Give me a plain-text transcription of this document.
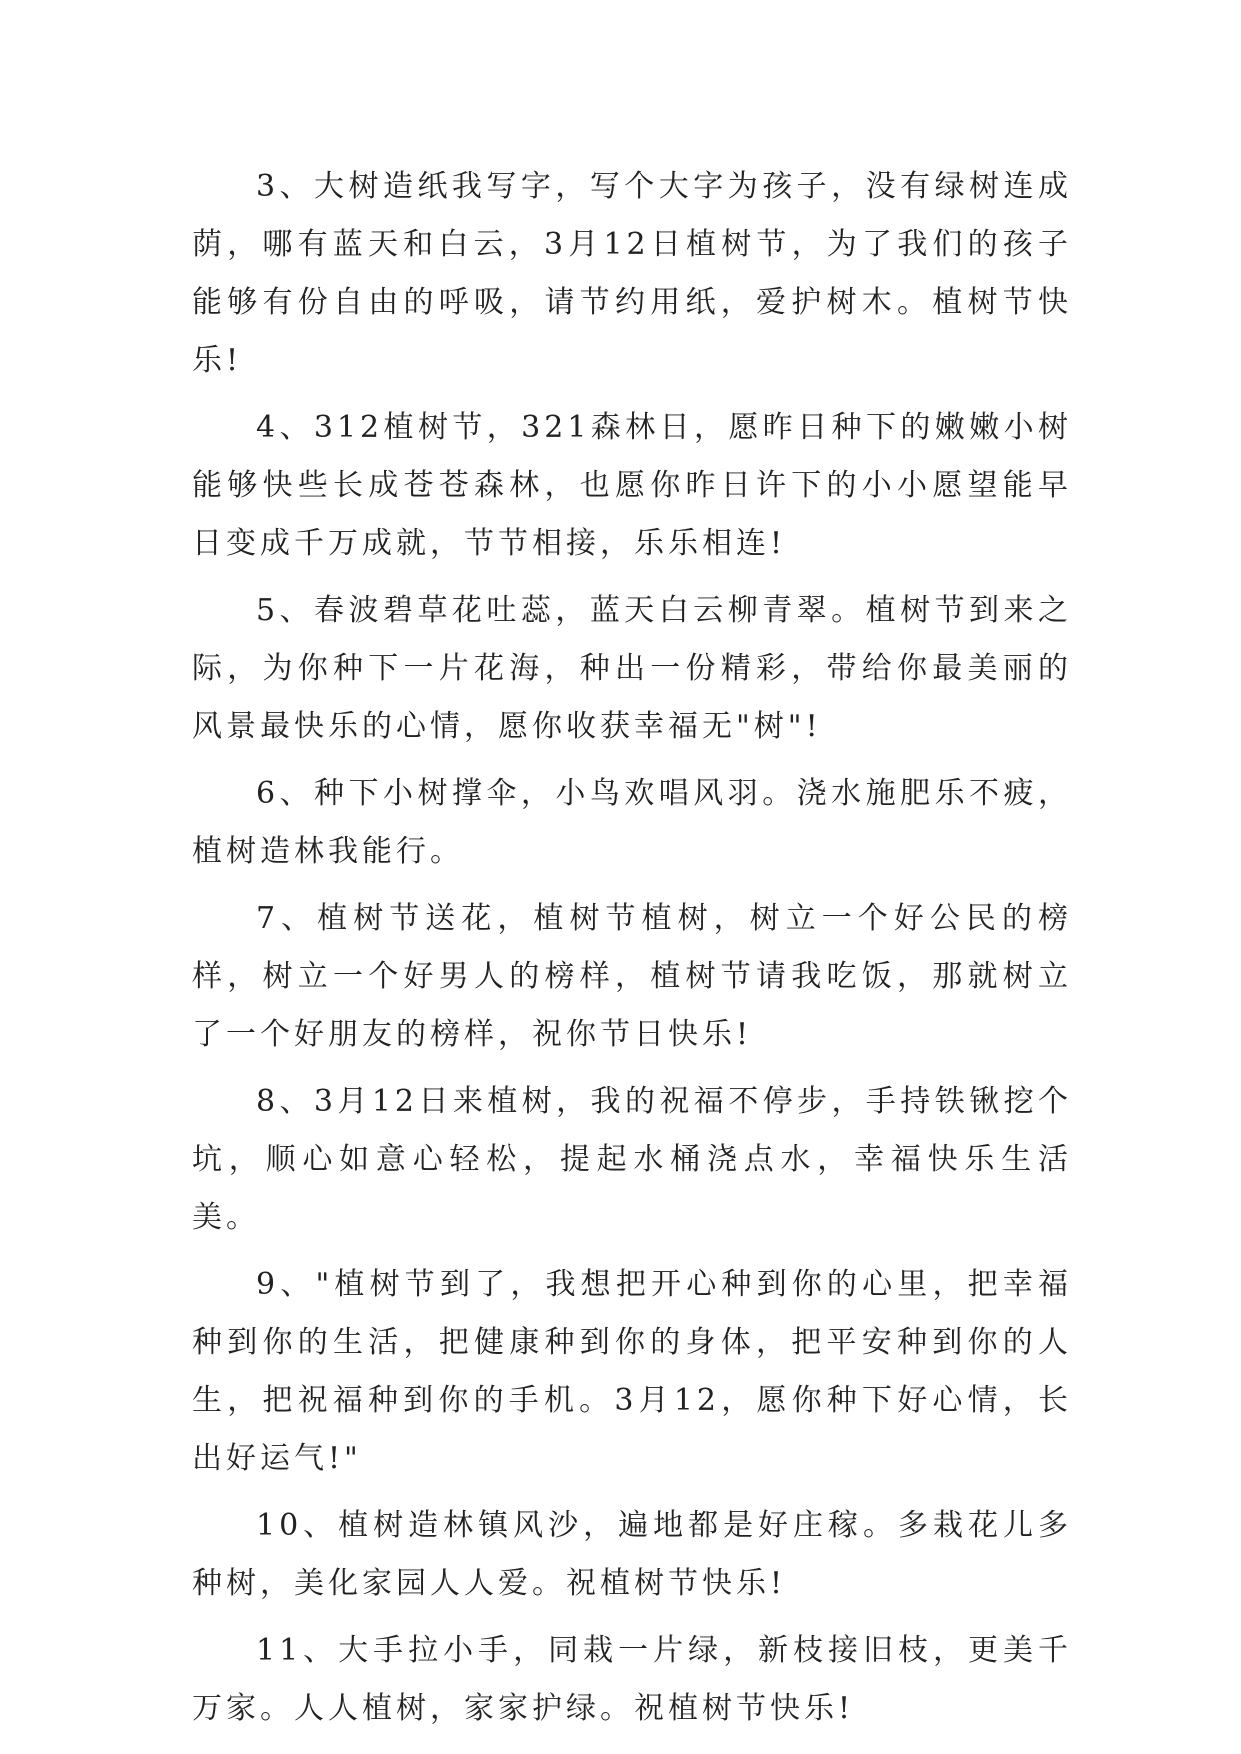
3、大树造纸我写字，写个大字为孩子，没有绿树连成荫，哪有蓝天和白云，3月12日植树节，为了我们的孩子能够有份自由的呼吸，请节约用纸，爱护树木。植树节快乐!

4、312植树节，321森林日，愿昨日种下的嫩嫩小树能够快些长成苍苍森林，也愿你昨日许下的小小愿望能早日变成千万成就，节节相接，乐乐相连!

5、春波碧草花吐蕊，蓝天白云柳青翠。植树节到来之际，为你种下一片花海，种出一份精彩，带给你最美丽的风景最快乐的心情，愿你收获幸福无"树"!

6、种下小树撑伞，小鸟欢唱风羽。浇水施肥乐不疲，植树造林我能行。

7、植树节送花，植树节植树，树立一个好公民的榜样，树立一个好男人的榜样，植树节请我吃饭，那就树立了一个好朋友的榜样，祝你节日快乐!

8、3月12日来植树，我的祝福不停步，手持铁锹挖个坑，顺心如意心轻松，提起水桶浇点水，幸福快乐生活美。

9、"植树节到了，我想把开心种到你的心里，把幸福种到你的生活，把健康种到你的身体，把平安种到你的人生，把祝福种到你的手机。3月12，愿你种下好心情，长出好运气!"

10、植树造林镇风沙，遍地都是好庄稼。多栽花儿多种树，美化家园人人爱。祝植树节快乐!

11、大手拉小手，同栽一片绿，新枝接旧枝，更美千万家。人人植树，家家护绿。祝植树节快乐!
